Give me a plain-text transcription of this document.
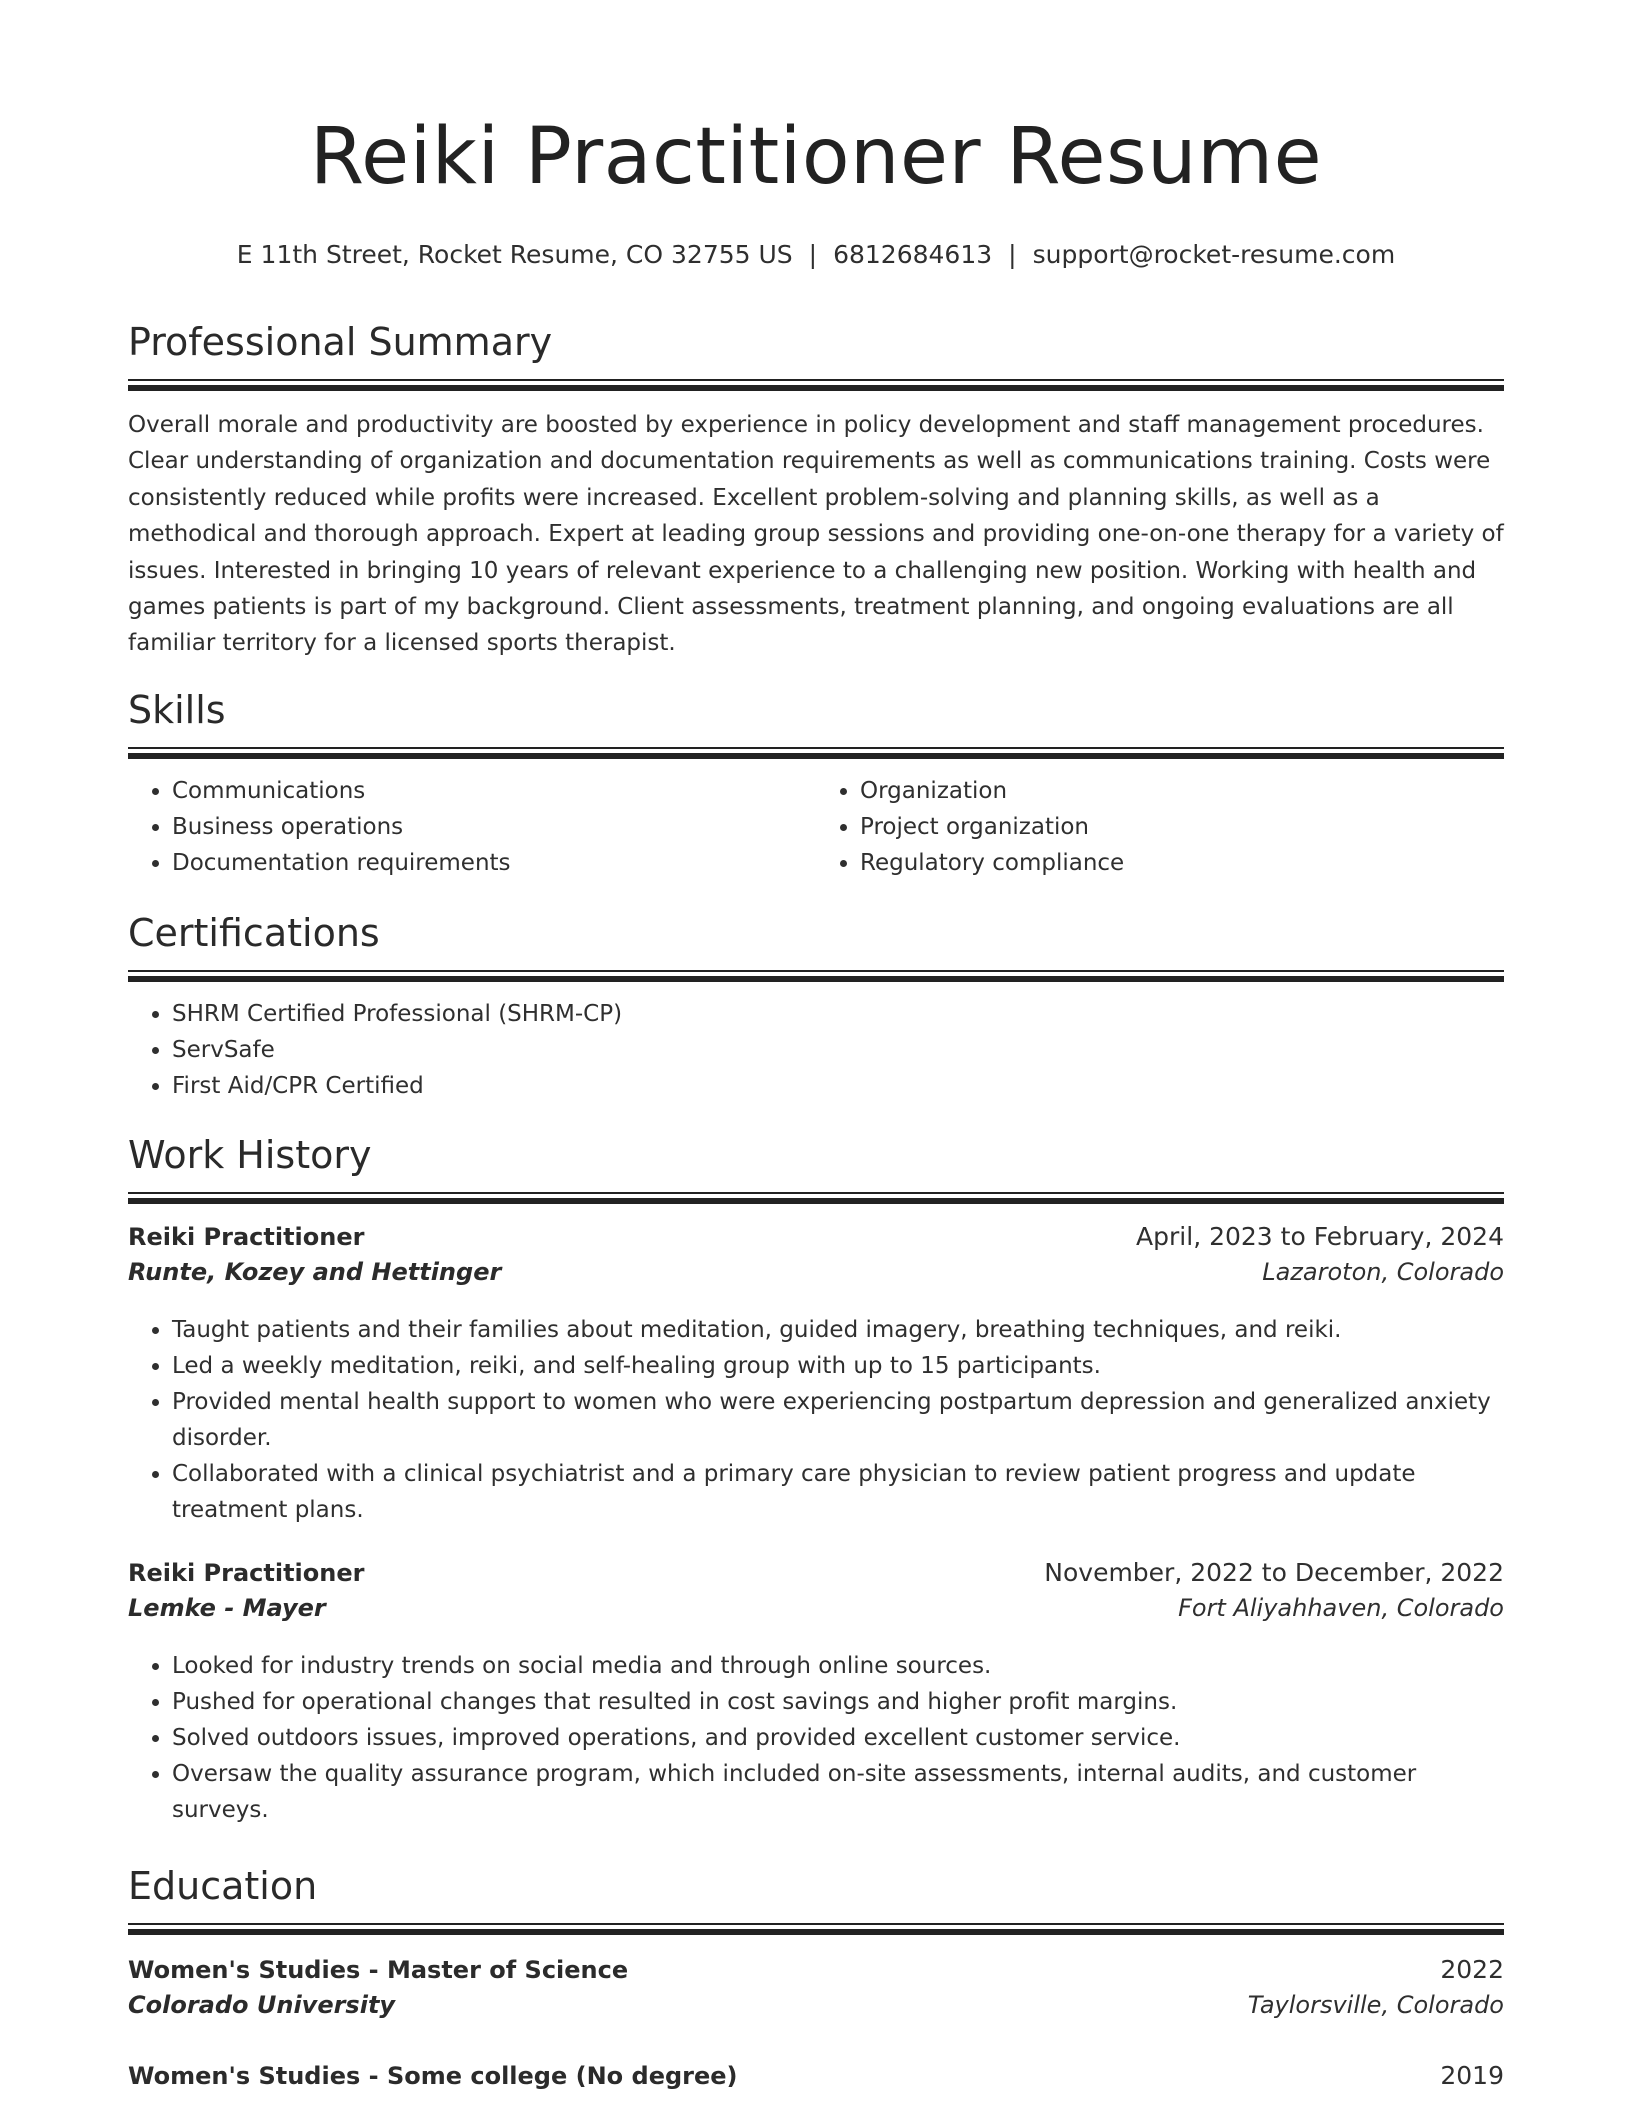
Reiki Practitioner Resume
E 11th Street, Rocket Resume, CO 32755 US | 6812684613 | support@rocket-resume.com
Professional Summary

Overall morale and productivity are boosted by experience in policy development and staff management procedures. Clear understanding of organization and documentation requirements as well as communications training. Costs were consistently reduced while profits were increased. Excellent problem-solving and planning skills, as well as a methodical and thorough approach. Expert at leading group sessions and providing one-on-one therapy for a variety of issues. Interested in bringing 10 years of relevant experience to a challenging new position. Working with health and games patients is part of my background. Client assessments, treatment planning, and ongoing evaluations are all familiar territory for a licensed sports therapist.

Skills
• Communications
• Business operations
• Documentation requirements
• Organization
• Project organization
• Regulatory compliance
Certifications
• SHRM Certified Professional (SHRM-CP)
• ServSafe
• First Aid/CPR Certified
Work History
Reiki Practitioner	April, 2023 to February, 2024
Runte, Kozey and Hettinger	Lazaroton, Colorado
• Taught patients and their families about meditation, guided imagery, breathing techniques, and reiki.
• Led a weekly meditation, reiki, and self-healing group with up to 15 participants.
• Provided mental health support to women who were experiencing postpartum depression and generalized anxiety disorder.
• Collaborated with a clinical psychiatrist and a primary care physician to review patient progress and update treatment plans.
Reiki Practitioner	November, 2022 to December, 2022
Lemke - Mayer	Fort Aliyahhaven, Colorado
• Looked for industry trends on social media and through online sources.
• Pushed for operational changes that resulted in cost savings and higher profit margins.
• Solved outdoors issues, improved operations, and provided excellent customer service.
• Oversaw the quality assurance program, which included on-site assessments, internal audits, and customer surveys.
Education
Women's Studies - Master of Science	2022
Colorado University	Taylorsville, Colorado
Women's Studies - Some college (No degree)	2019
